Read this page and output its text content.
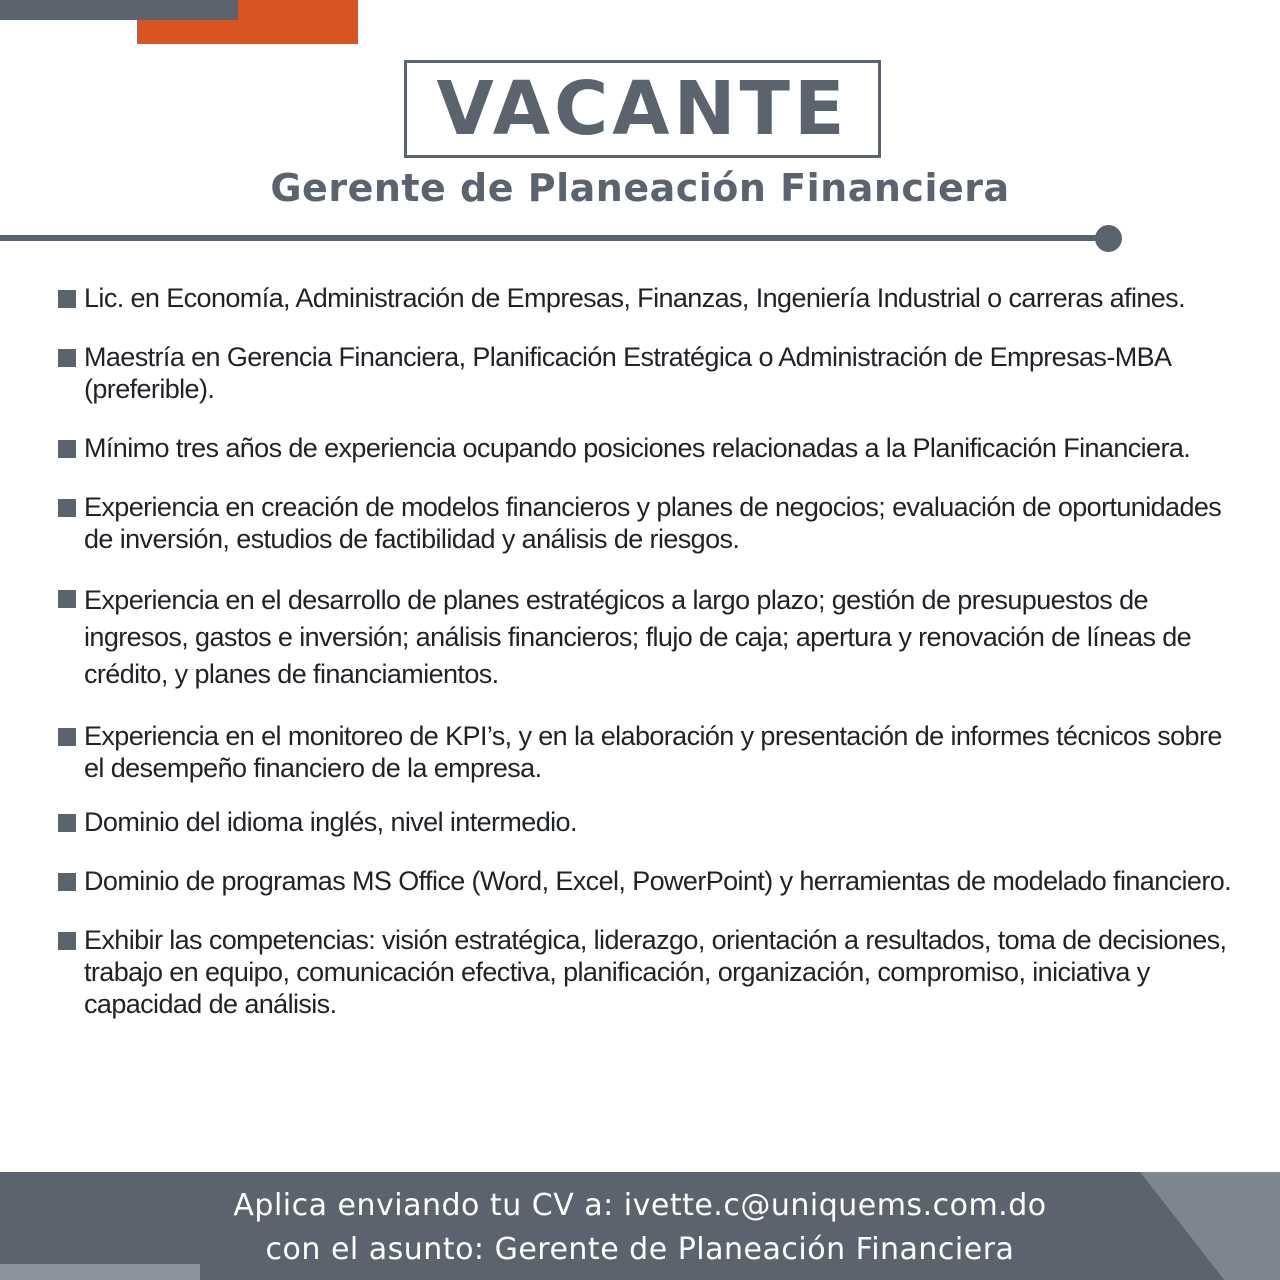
VACANTE
Gerente de Planeación Financiera
Lic. en Economía, Administración de Empresas, Finanzas, Ingeniería Industrial o carreras afines.
Maestría en Gerencia Financiera, Planificación Estratégica o Administración de Empresas-MBA (preferible).
Mínimo tres años de experiencia ocupando posiciones relacionadas a la Planificación Financiera.
Experiencia en creación de modelos financieros y planes de negocios; evaluación de oportunidades de inversión, estudios de factibilidad y análisis de riesgos.
Experiencia en el desarrollo de planes estratégicos a largo plazo; gestión de presupuestos de ingresos, gastos e inversión; análisis financieros; flujo de caja; apertura y renovación de líneas de crédito, y planes de financiamientos.
Experiencia en el monitoreo de KPI’s, y en la elaboración y presentación de informes técnicos sobre el desempeño financiero de la empresa.
Dominio del idioma inglés, nivel intermedio.
Dominio de programas MS Office (Word, Excel, PowerPoint) y herramientas de modelado financiero.
Exhibir las competencias: visión estratégica, liderazgo, orientación a resultados, toma de decisiones, trabajo en equipo, comunicación efectiva, planificación, organización, compromiso, iniciativa y capacidad de análisis.
Aplica enviando tu CV a: ivette.c@uniquems.com.do
con el asunto: Gerente de Planeación Financiera
